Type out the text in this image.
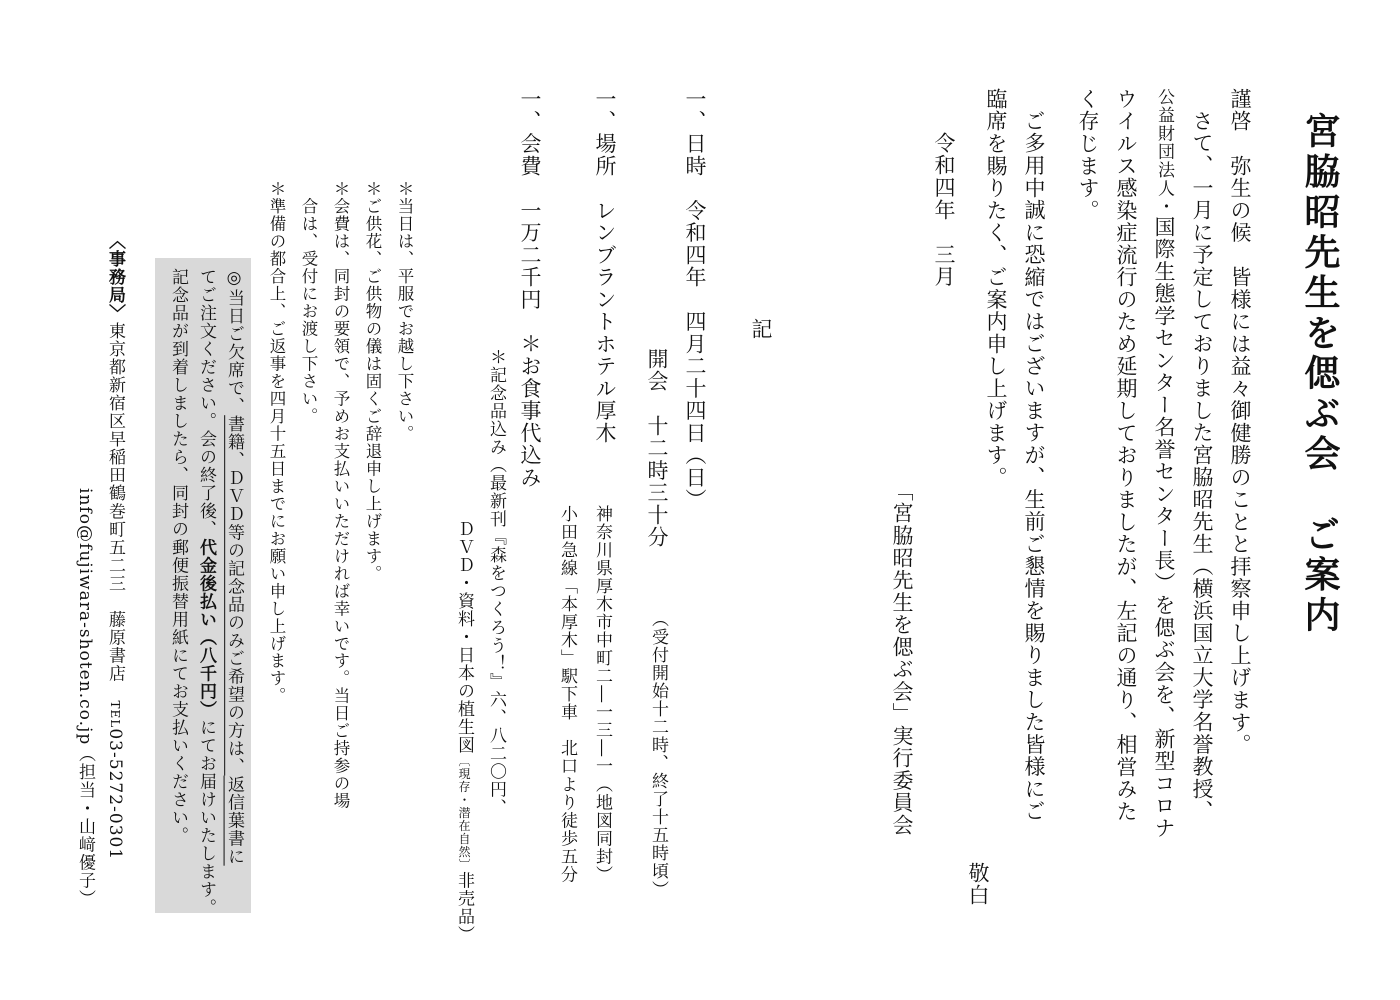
宮脇昭先生を偲ぶ会　ご案内
謹啓　弥生の候　皆様には益々御健勝のことと拝察申し上げます。
さて、一月に予定しておりました宮脇昭先生（横浜国立大学名誉教授、
公益財団法人・国際生態学センター名誉センター長）を偲ぶ会を、新型コロナ
ウイルス感染症流行のため延期しておりましたが、左記の通り、相営みた
く存じます。
ご多用中誠に恐縮ではございますが、生前ご懇情を賜りました皆様にご
臨席を賜りたく、ご案内申し上げます。
敬白
令和四年　三月
「宮脇昭先生を偲ぶ会」実行委員会
記
一、日時　令和四年　四月二十四日（日）
開会　十二時三十分
（受付開始十二時、終了十五時頃）
一、場所　レンブラントホテル厚木
神奈川県厚木市中町二―一三―一（地図同封）
小田急線「本厚木」駅下車　北口より徒歩五分
一、会費　一万二千円　＊お食事代込み
＊記念品込み（最新刊『森をつくろう！』六、八二〇円、
ＤＶＤ・資料・日本の植生図〔現存・潜在自然〕非売品）
＊当日は、平服でお越し下さい。
＊ご供花、ご供物の儀は固くご辞退申し上げます。
＊会費は、同封の要領で、予めお支払いいただければ幸いです。当日ご持参の場
　合は、受付にお渡し下さい。
＊準備の都合上、ご返事を四月十五日までにお願い申し上げます。
◎当日ご欠席で、書籍、ＤＶＤ等の記念品のみご希望の方は、返信葉書に
てご注文ください。会の終了後、代金後払い（八千円）にてお届けいたします。
記念品が到着しましたら、同封の郵便振替用紙にてお支払いください。
〈事務局〉東京都新宿区早稲田鶴巻町五二三　藤原書店　TEL03-5272-0301
info@fujiwara-shoten.co.jp（担当・山﨑優子）
